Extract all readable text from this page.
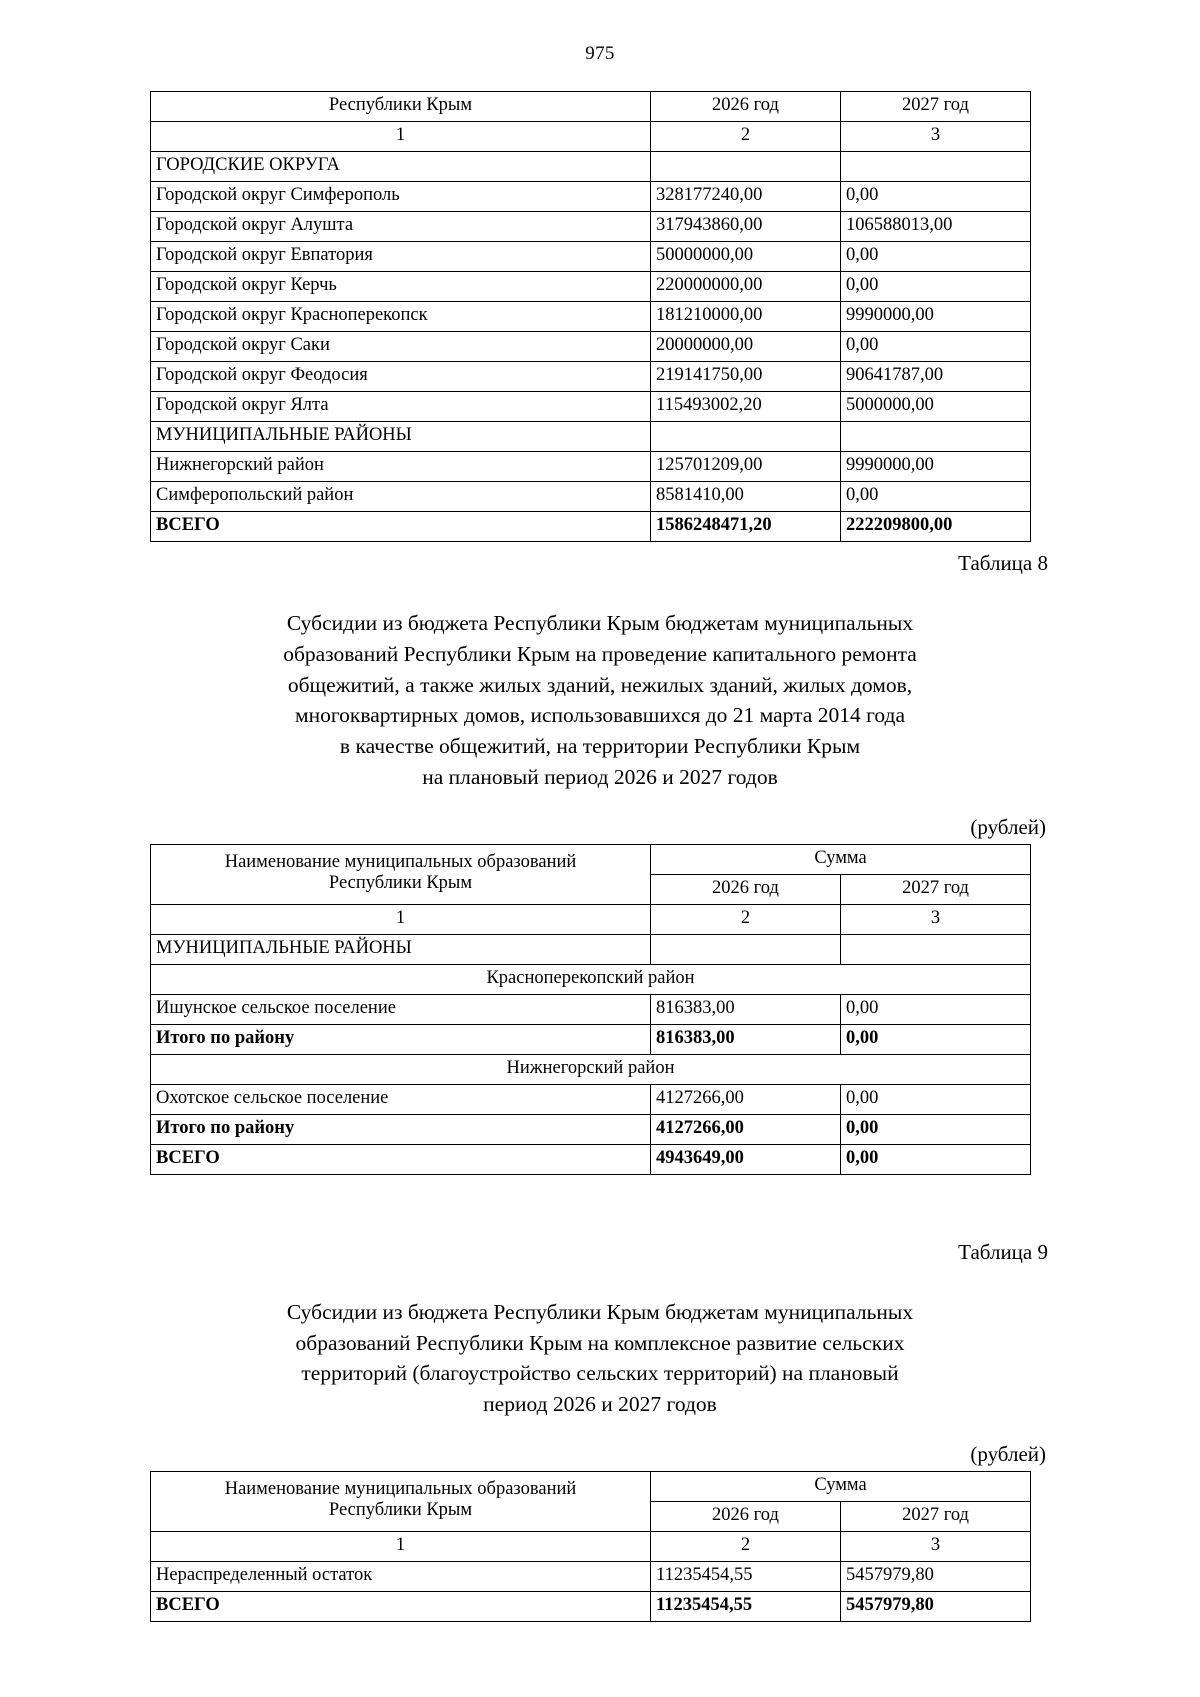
975
Республики Крым	2026 год	2027 год
1	2	3
ГОРОДСКИЕ ОКРУГА		
Городской округ Симферополь	328177240,00	0,00
Городской округ Алушта	317943860,00	106588013,00
Городской округ Евпатория	50000000,00	0,00
Городской округ Керчь	220000000,00	0,00
Городской округ Красноперекопск	181210000,00	9990000,00
Городской округ Саки	20000000,00	0,00
Городской округ Феодосия	219141750,00	90641787,00
Городской округ Ялта	115493002,20	5000000,00
МУНИЦИПАЛЬНЫЕ РАЙОНЫ		
Нижнегорский район	125701209,00	9990000,00
Симферопольский район	8581410,00	0,00
ВСЕГО	1586248471,20	222209800,00
Таблица 8
Субсидии из бюджета Республики Крым бюджетам муниципальных
образований Республики Крым на проведение капитального ремонта
общежитий, а также жилых зданий, нежилых зданий, жилых домов,
многоквартирных домов, использовавшихся до 21 марта 2014 года
в качестве общежитий, на территории Республики Крым
на плановый период 2026 и 2027 годов
(рублей)
Наименование муниципальных образований
Республики Крым	Сумма	
	2026 год	2027 год
1	2	3
МУНИЦИПАЛЬНЫЕ РАЙОНЫ		
Красноперекопский район		
Ишунское сельское поселение	816383,00	0,00
Итого по району	816383,00	0,00
Нижнегорский район		
Охотское сельское поселение	4127266,00	0,00
Итого по району	4127266,00	0,00
ВСЕГО	4943649,00	0,00
Таблица 9
Субсидии из бюджета Республики Крым бюджетам муниципальных
образований Республики Крым на комплексное развитие сельских
территорий (благоустройство сельских территорий) на плановый
период 2026 и 2027 годов
(рублей)
Наименование муниципальных образований
Республики Крым	Сумма	
	2026 год	2027 год
1	2	3
Нераспределенный остаток	11235454,55	5457979,80
ВСЕГО	11235454,55	5457979,80
